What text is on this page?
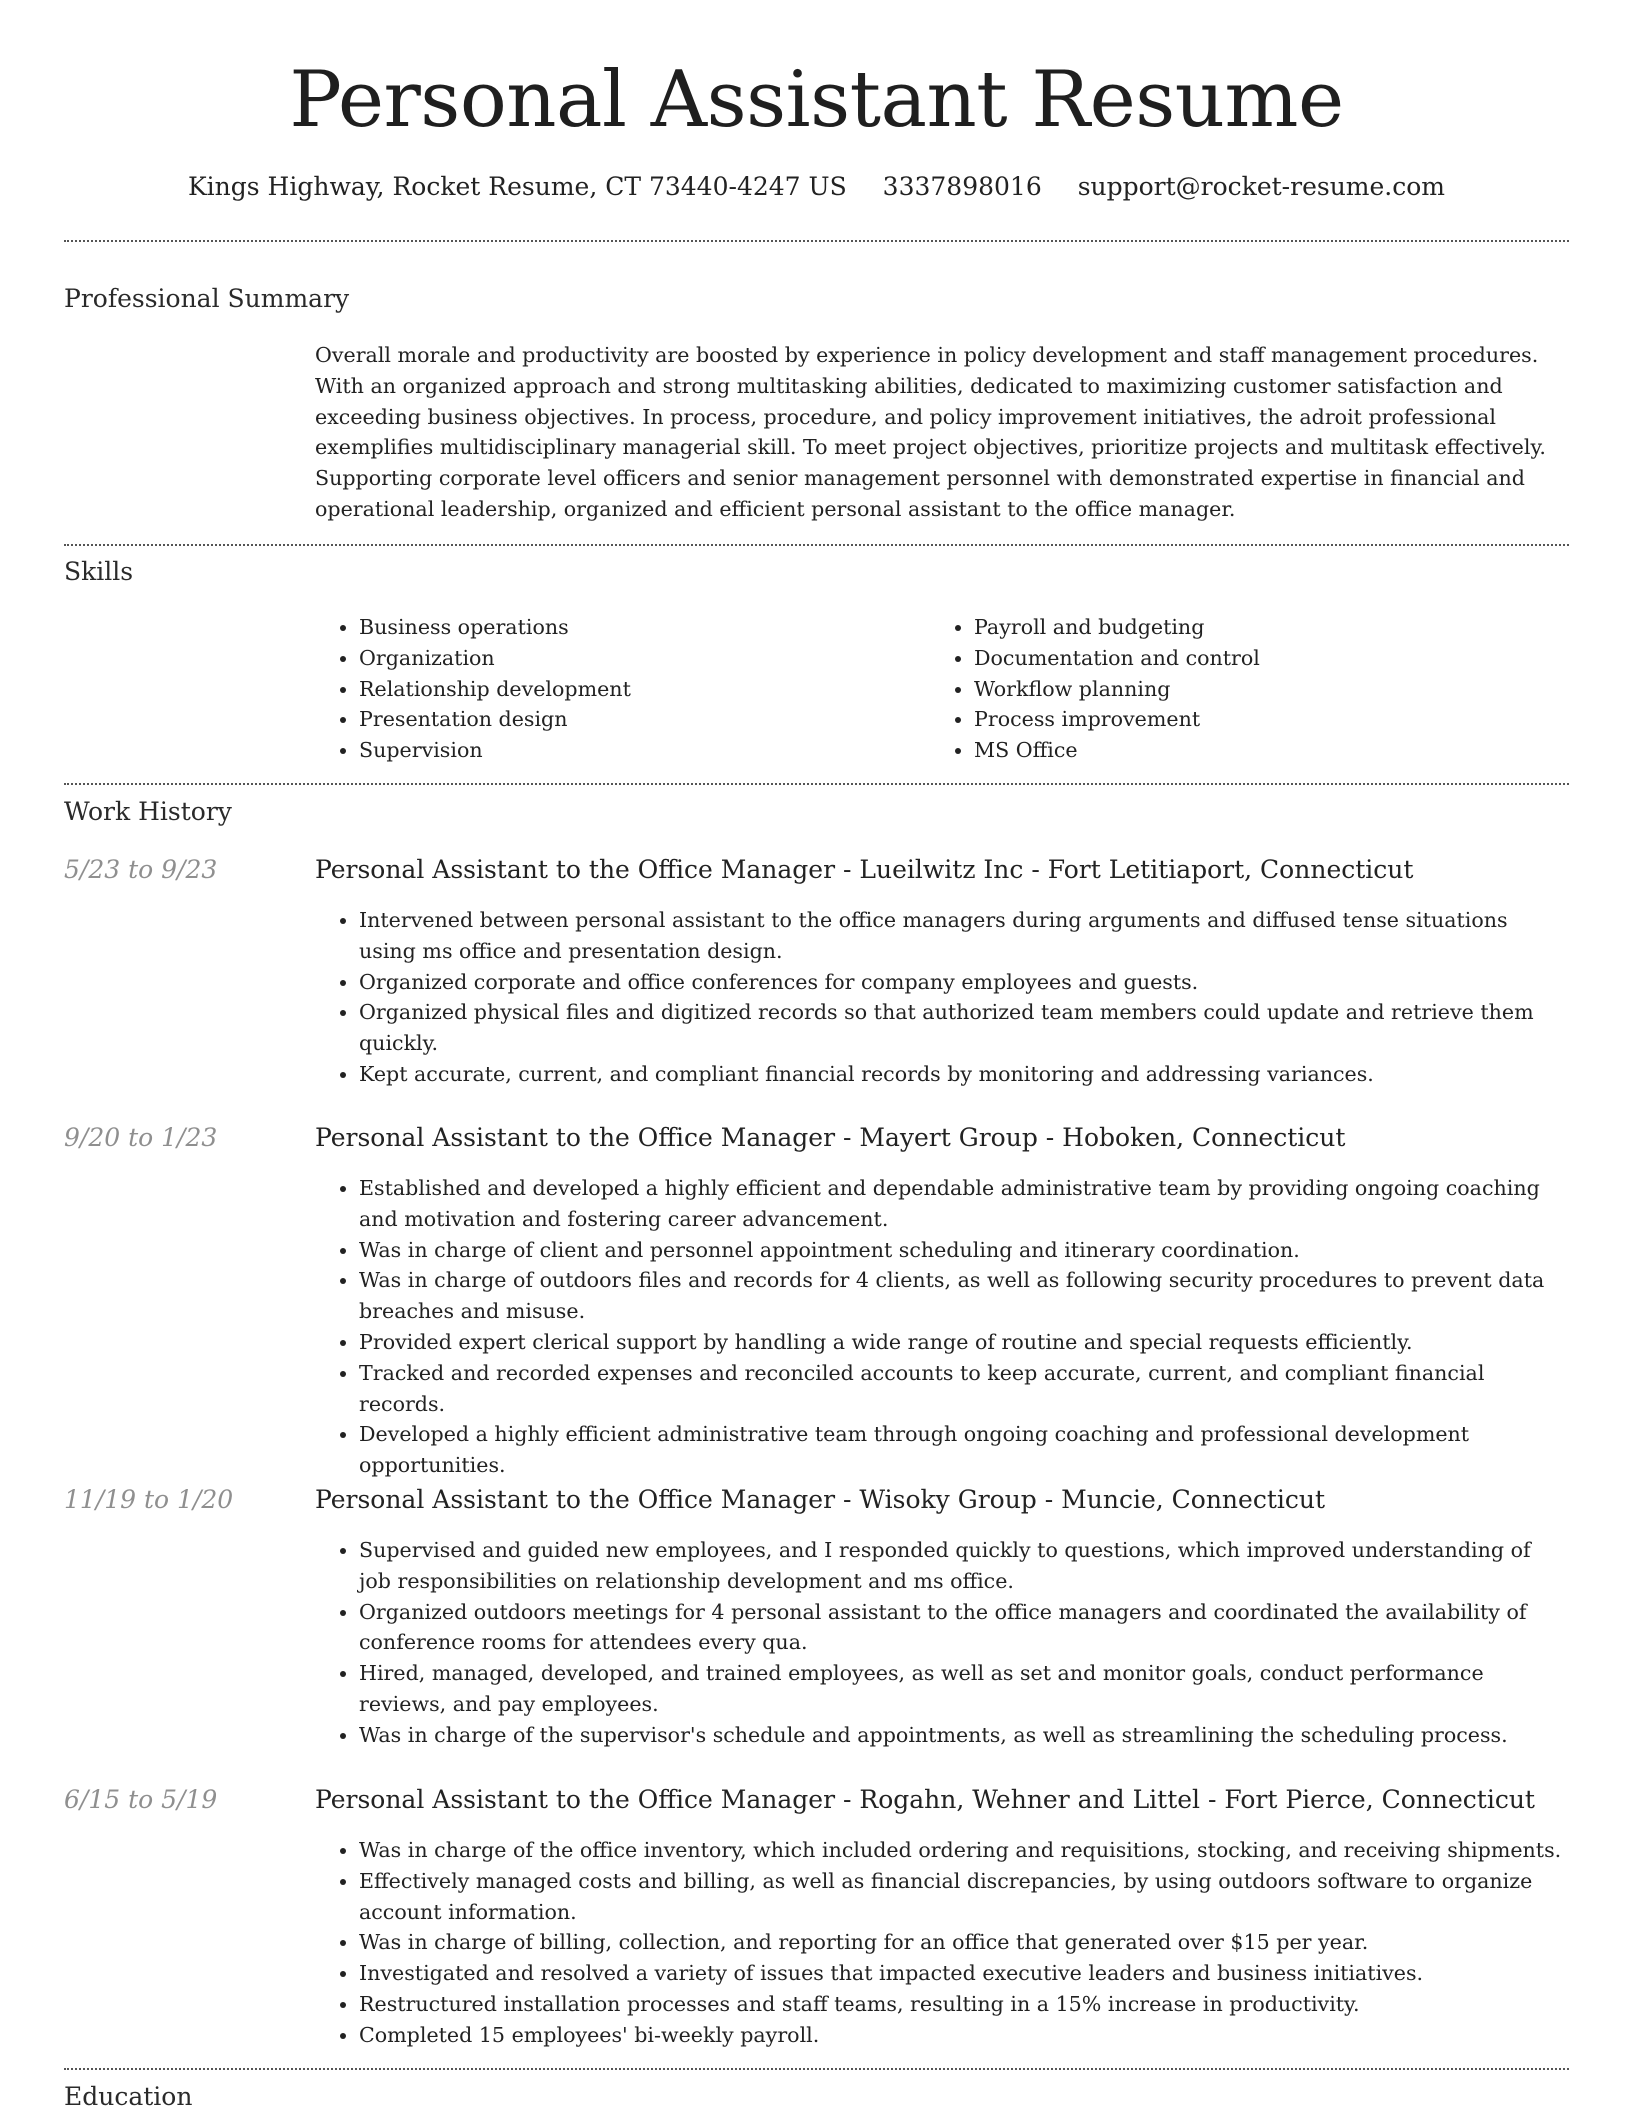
Personal Assistant Resume
Kings Highway, Rocket Resume, CT 73440-4247 US 3337898016 support@rocket-resume.com
Professional Summary

Overall morale and productivity are boosted by experience in policy development and staff management procedures. With an organized approach and strong multitasking abilities, dedicated to maximizing customer satisfaction and exceeding business objectives. In process, procedure, and policy improvement initiatives, the adroit professional exemplifies multidisciplinary managerial skill. To meet project objectives, prioritize projects and multitask effectively. Supporting corporate level officers and senior management personnel with demonstrated expertise in financial and operational leadership, organized and efficient personal assistant to the office manager.

Skills
• Business operations
• Organization
• Relationship development
• Presentation design
• Supervision
• Payroll and budgeting
• Documentation and control
• Workflow planning
• Process improvement
• MS Office
Work History
5/23 to 9/23	Personal Assistant to the Office Manager - Lueilwitz Inc - Fort Letitiaport, Connecticut
• Intervened between personal assistant to the office managers during arguments and diffused tense situations using ms office and presentation design.
• Organized corporate and office conferences for company employees and guests.
• Organized physical files and digitized records so that authorized team members could update and retrieve them quickly.
• Kept accurate, current, and compliant financial records by monitoring and addressing variances.
9/20 to 1/23	Personal Assistant to the Office Manager - Mayert Group - Hoboken, Connecticut
• Established and developed a highly efficient and dependable administrative team by providing ongoing coaching and motivation and fostering career advancement.
• Was in charge of client and personnel appointment scheduling and itinerary coordination.
• Was in charge of outdoors files and records for 4 clients, as well as following security procedures to prevent data breaches and misuse.
• Provided expert clerical support by handling a wide range of routine and special requests efficiently.
• Tracked and recorded expenses and reconciled accounts to keep accurate, current, and compliant financial records.
• Developed a highly efficient administrative team through ongoing coaching and professional development opportunities.
11/19 to 1/20	Personal Assistant to the Office Manager - Wisoky Group - Muncie, Connecticut
• Supervised and guided new employees, and I responded quickly to questions, which improved understanding of job responsibilities on relationship development and ms office.
• Organized outdoors meetings for 4 personal assistant to the office managers and coordinated the availability of conference rooms for attendees every qua.
• Hired, managed, developed, and trained employees, as well as set and monitor goals, conduct performance reviews, and pay employees.
• Was in charge of the supervisor's schedule and appointments, as well as streamlining the scheduling process.
6/15 to 5/19	Personal Assistant to the Office Manager - Rogahn, Wehner and Littel - Fort Pierce, Connecticut
• Was in charge of the office inventory, which included ordering and requisitions, stocking, and receiving shipments.
• Effectively managed costs and billing, as well as financial discrepancies, by using outdoors software to organize account information.
• Was in charge of billing, collection, and reporting for an office that generated over $15 per year.
• Investigated and resolved a variety of issues that impacted executive leaders and business initiatives.
• Restructured installation processes and staff teams, resulting in a 15% increase in productivity.
• Completed 15 employees' bi-weekly payroll.
Education
